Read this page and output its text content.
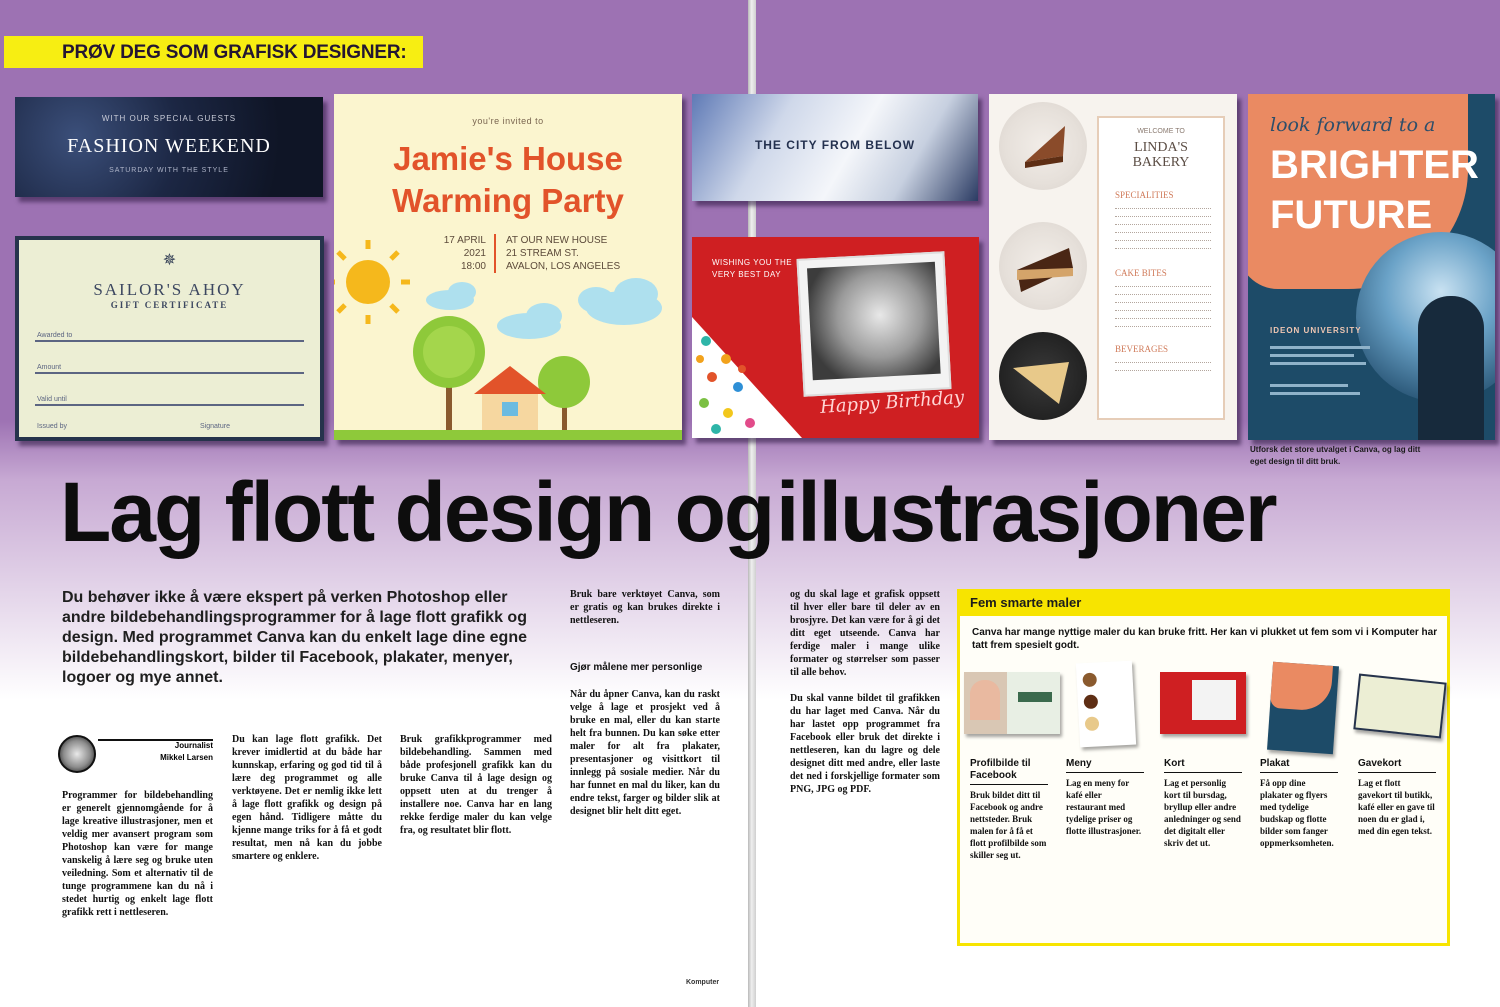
PRØV DEG SOM GRAFISK DESIGNER:
WITH OUR SPECIAL GUESTS
FASHION WEEKEND
SATURDAY WITH THE STYLE
✵
SAILOR'S AHOY
GIFT CERTIFICATE
Awarded to
Amount
Valid until
Issued by	Signature
you're invited to
Jamie's House
Warming Party
17 APRIL
2021
18:00
AT OUR NEW HOUSE
21 STREAM ST.
AVALON, LOS ANGELES
THE CITY FROM BELOW
WISHING YOU THE
VERY BEST DAY
Happy Birthday
WELCOME TO
LINDA'S
BAKERY
SPECIALITIES
CAKE BITES
BEVERAGES
look forward to a
BRIGHTER
FUTURE
IDEON UNIVERSITY
Utforsk det store utvalget i Canva, og lag ditt eget design til ditt bruk.
Lag flott design og illustrasjoner
Du behøver ikke å være ekspert på verken Photoshop eller andre bildebehandlingsprogrammer for å lage flott grafikk og design. Med programmet Canva kan du enkelt lage dine egne bildebehandlingskort, bilder til Facebook, plakater, menyer, logoer og mye annet.
Journalist
Mikkel Larsen
Programmer for bildebehandling er generelt gjennomgående for å lage kreative illustrasjoner, men et veldig mer avansert program som Photoshop kan være for mange vanskelig å lære seg og bruke uten veiledning. Som et alternativ til de tunge programmene kan du nå i stedet hurtig og enkelt lage flott grafikk rett i nettleseren.
Du kan lage flott grafikk. Det krever imidlertid at du både har kunnskap, erfaring og god tid til å lære deg programmet og alle verktøyene. Det er nemlig ikke lett å lage flott grafikk og design på egen hånd. Tidligere måtte du kjenne mange triks for å få et godt resultat, men nå kan du jobbe smartere og enklere.
Bruk grafikkprogrammer med bildebehandling. Sammen med både profesjonell grafikk kan du bruke Canva til å lage design og oppsett uten at du trenger å installere noe. Canva har en lang rekke ferdige maler du kan velge fra, og resultatet blir flott.
Bruk bare verktøyet Canva, som er gratis og kan brukes direkte i nettleseren.
Gjør målene mer personlige
Når du åpner Canva, kan du raskt velge å lage et prosjekt ved å bruke en mal, eller du kan starte helt fra bunnen. Du kan søke etter maler for alt fra plakater, presentasjoner og visittkort til innlegg på sosiale medier. Når du har funnet en mal du liker, kan du endre tekst, farger og bilder slik at designet blir helt ditt eget.
og du skal lage et grafisk oppsett til hver eller bare til deler av en brosjyre. Det kan være for å gi det ditt eget utseende. Canva har ferdige maler i mange ulike formater og størrelser som passer til alle behov.

Du skal vanne bildet til grafikken du har laget med Canva. Når du har lastet opp programmet fra Facebook eller bruk det direkte i nettleseren, kan du lagre og dele designet ditt med andre, eller laste det ned i forskjellige formater som PNG, JPG og PDF.
Fem smarte maler
Canva har mange nyttige maler du kan bruke fritt. Her kan vi plukket ut fem som vi i Komputer har tatt frem spesielt godt.
Profilbilde til Facebook
Bruk bildet ditt til Facebook og andre nettsteder. Bruk malen for å få et flott profilbilde som skiller seg ut.
Meny
Lag en meny for kafé eller restaurant med tydelige priser og flotte illustrasjoner.
Kort
Lag et personlig kort til bursdag, bryllup eller andre anledninger og send det digitalt eller skriv det ut.
Plakat
Få opp dine plakater og flyers med tydelige budskap og flotte bilder som fanger oppmerksomheten.
Gavekort
Lag et flott gavekort til butikk, kafé eller en gave til noen du er glad i, med din egen tekst.
Komputer
